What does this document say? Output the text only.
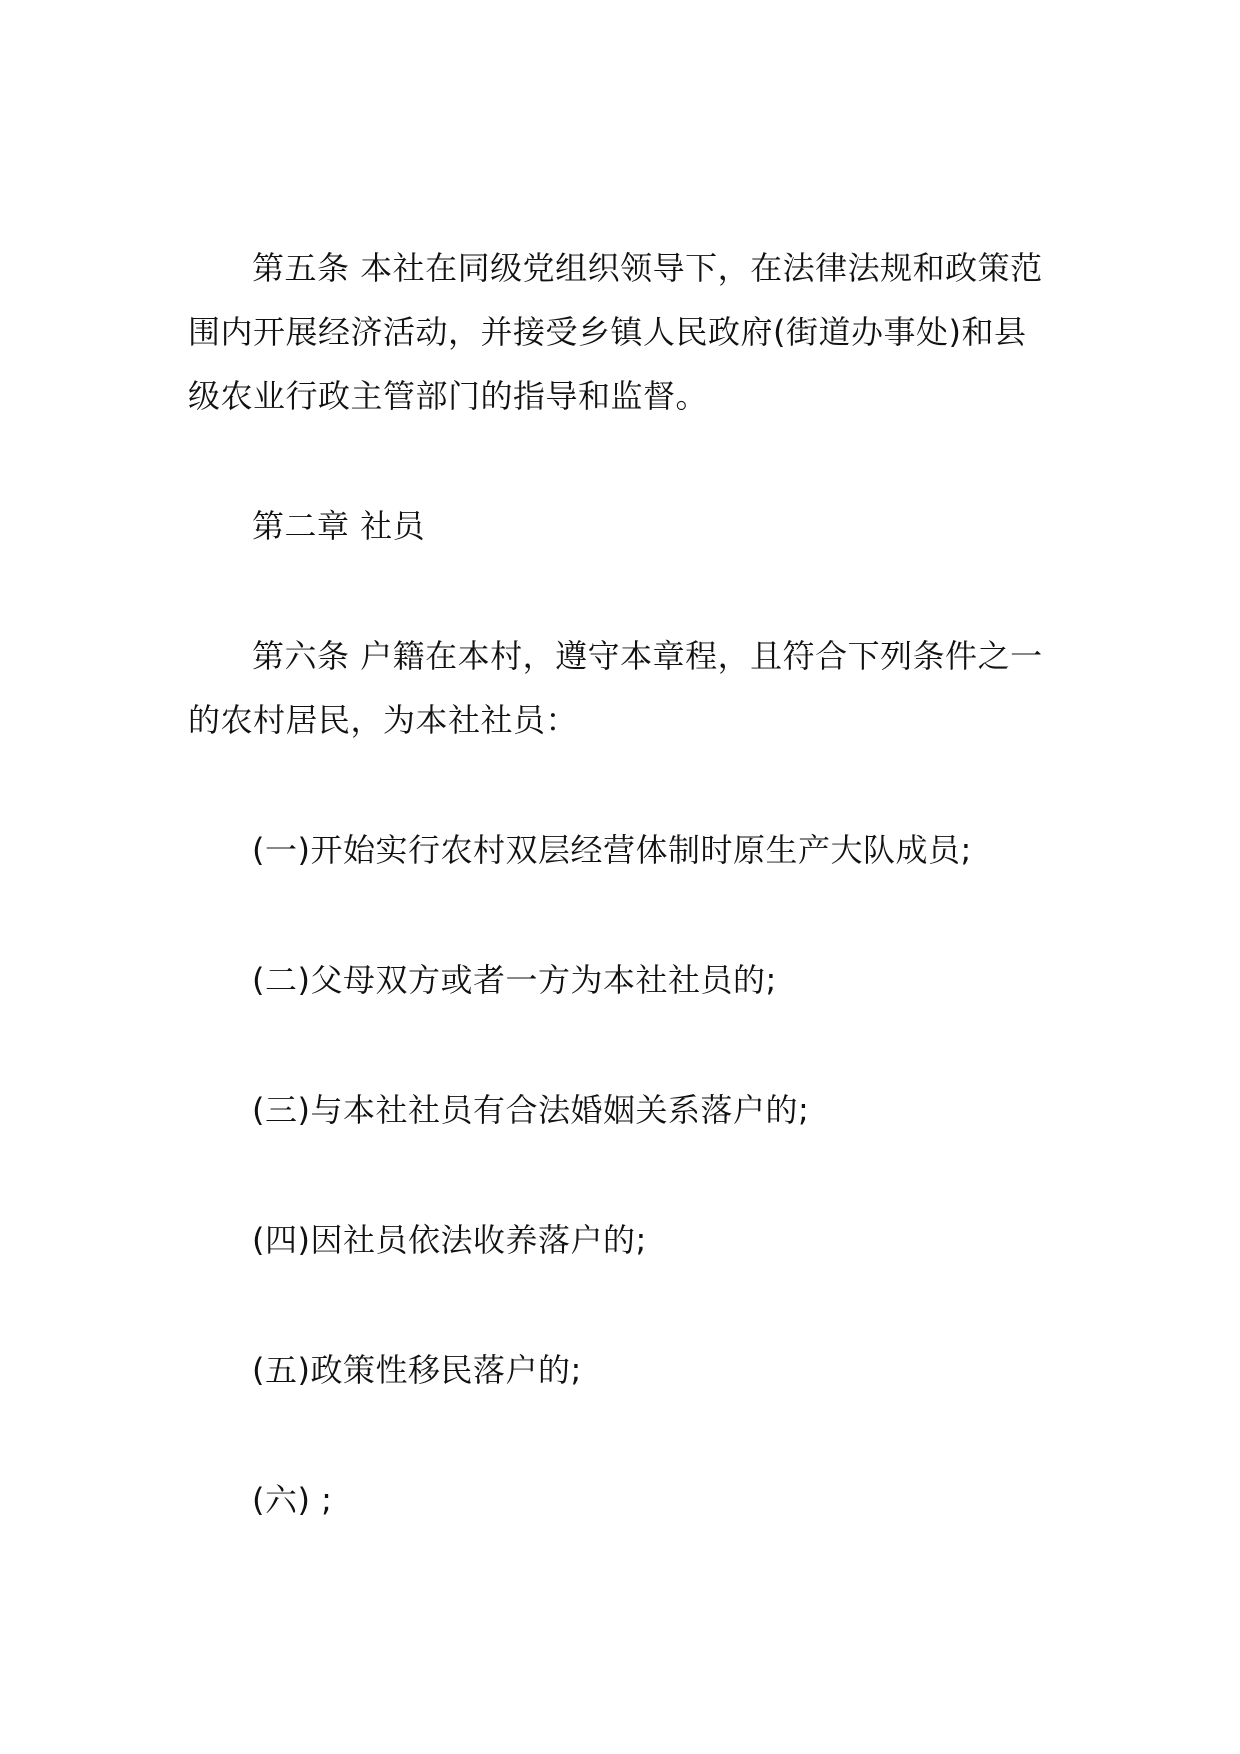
第五条 本社在同级党组织领导下，在法律法规和政策范围内开展经济活动，并接受乡镇人民政府(街道办事处)和县级农业行政主管部门的指导和监督。

第二章 社员

第六条 户籍在本村，遵守本章程，且符合下列条件之一的农村居民，为本社社员：

(一)开始实行农村双层经营体制时原生产大队成员;

(二)父母双方或者一方为本社社员的;

(三)与本社社员有合法婚姻关系落户的;

(四)因社员依法收养落户的;

(五)政策性移民落户的;

(六) ;
